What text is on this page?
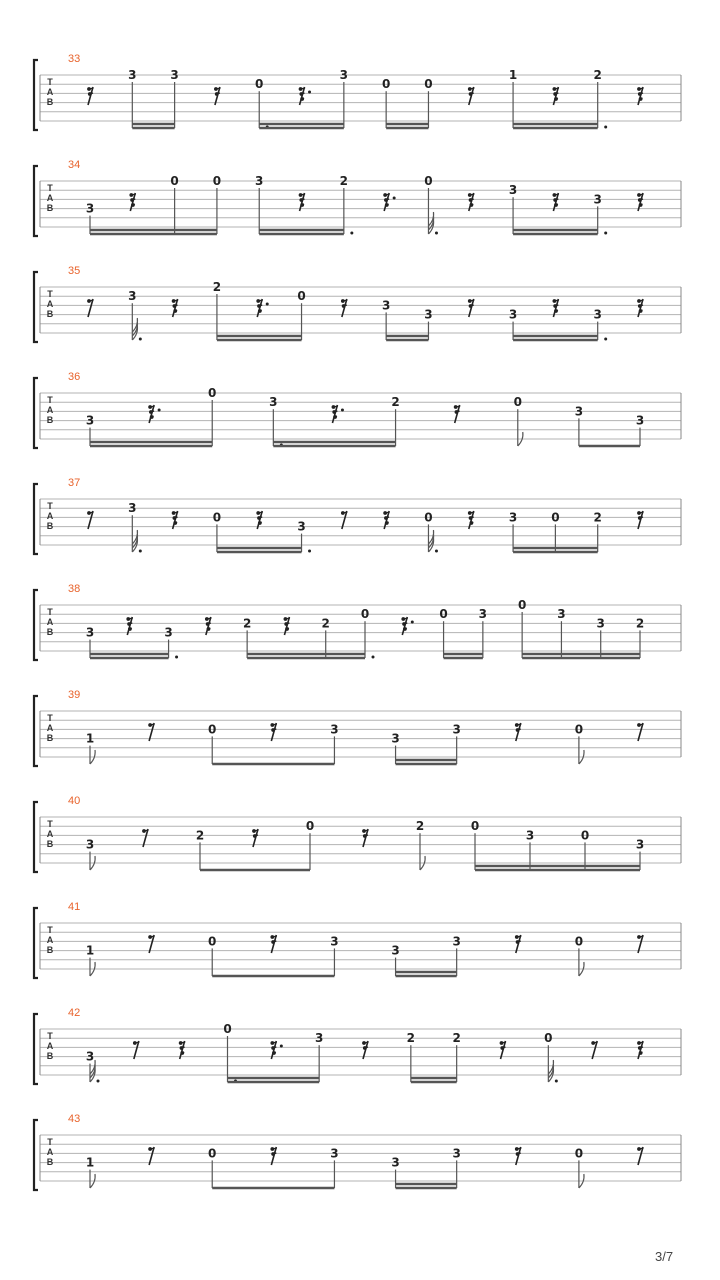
T
A
B
33
3	3
0
3
0	0
1	2
T
A
B
34
3
0	0	3	2	0
3
3
T
A
B
35
3
2
0
3
3	3	3
T
A
B
36
3
0
3	2	0
3
3
T
A
B
37
3
0
3
0	3	0	2
T
A
B
38
3	3
2	2
0	0	3
0
3
3	2
T
A
B
39
1
0	3
3
3	0
T
A
B
40
3
2
0	2	0
3	0
3
T
A
B
41
1
0	3
3
3	0
T
A
B
42
3
0
3	2	2	0
T
A
B
43
1
0	3
3
3	0
3/7
